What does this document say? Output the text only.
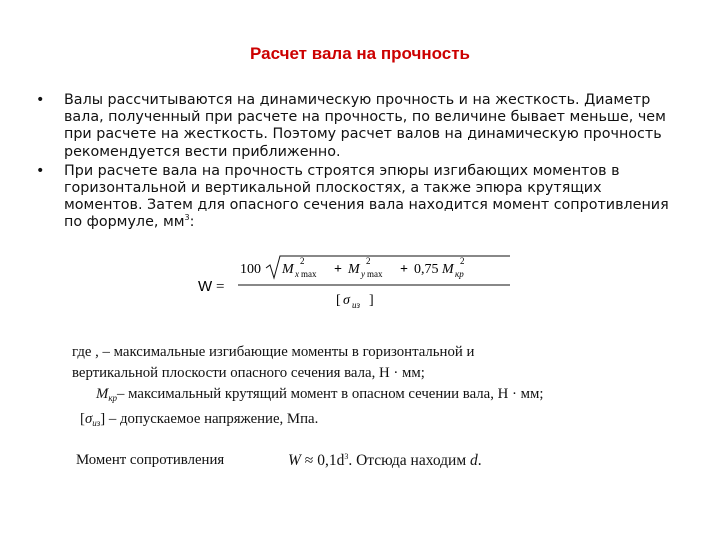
Расчет вала на прочность
• Валы рассчитываются на динамическую прочность и на жесткость. Диаметр вала, полученный при расчете на прочность, по величине бывает меньше, чем при расчете на жесткость. Поэтому расчет валов на динамическую прочность рекомендуется вести приближенно.
• При расчете вала на прочность строятся эпюры изгибающих моментов в горизонтальной и вертикальной плоскостях, а также эпюра крутящих моментов. Затем для опасного сечения вала находится момент сопротивления по формуле, $мм^3$:
W =
100 M x max
2
+ M y max
2
+ 0,75 M кр
2
[ σ из ]
где , – максимальные изгибающие моменты в горизонтальной и
вертикальной плоскости опасного сечения вала, Н · мм;
$M_{кр}-$ максимальный крутящий момент в опасном сечении вала, Н · мм;
$[\sigma_{из}]$ – допускаемое напряжение, Мпа.
Момент сопротивления	$W \approx 0,1d^3$. Отсюда находим d.
